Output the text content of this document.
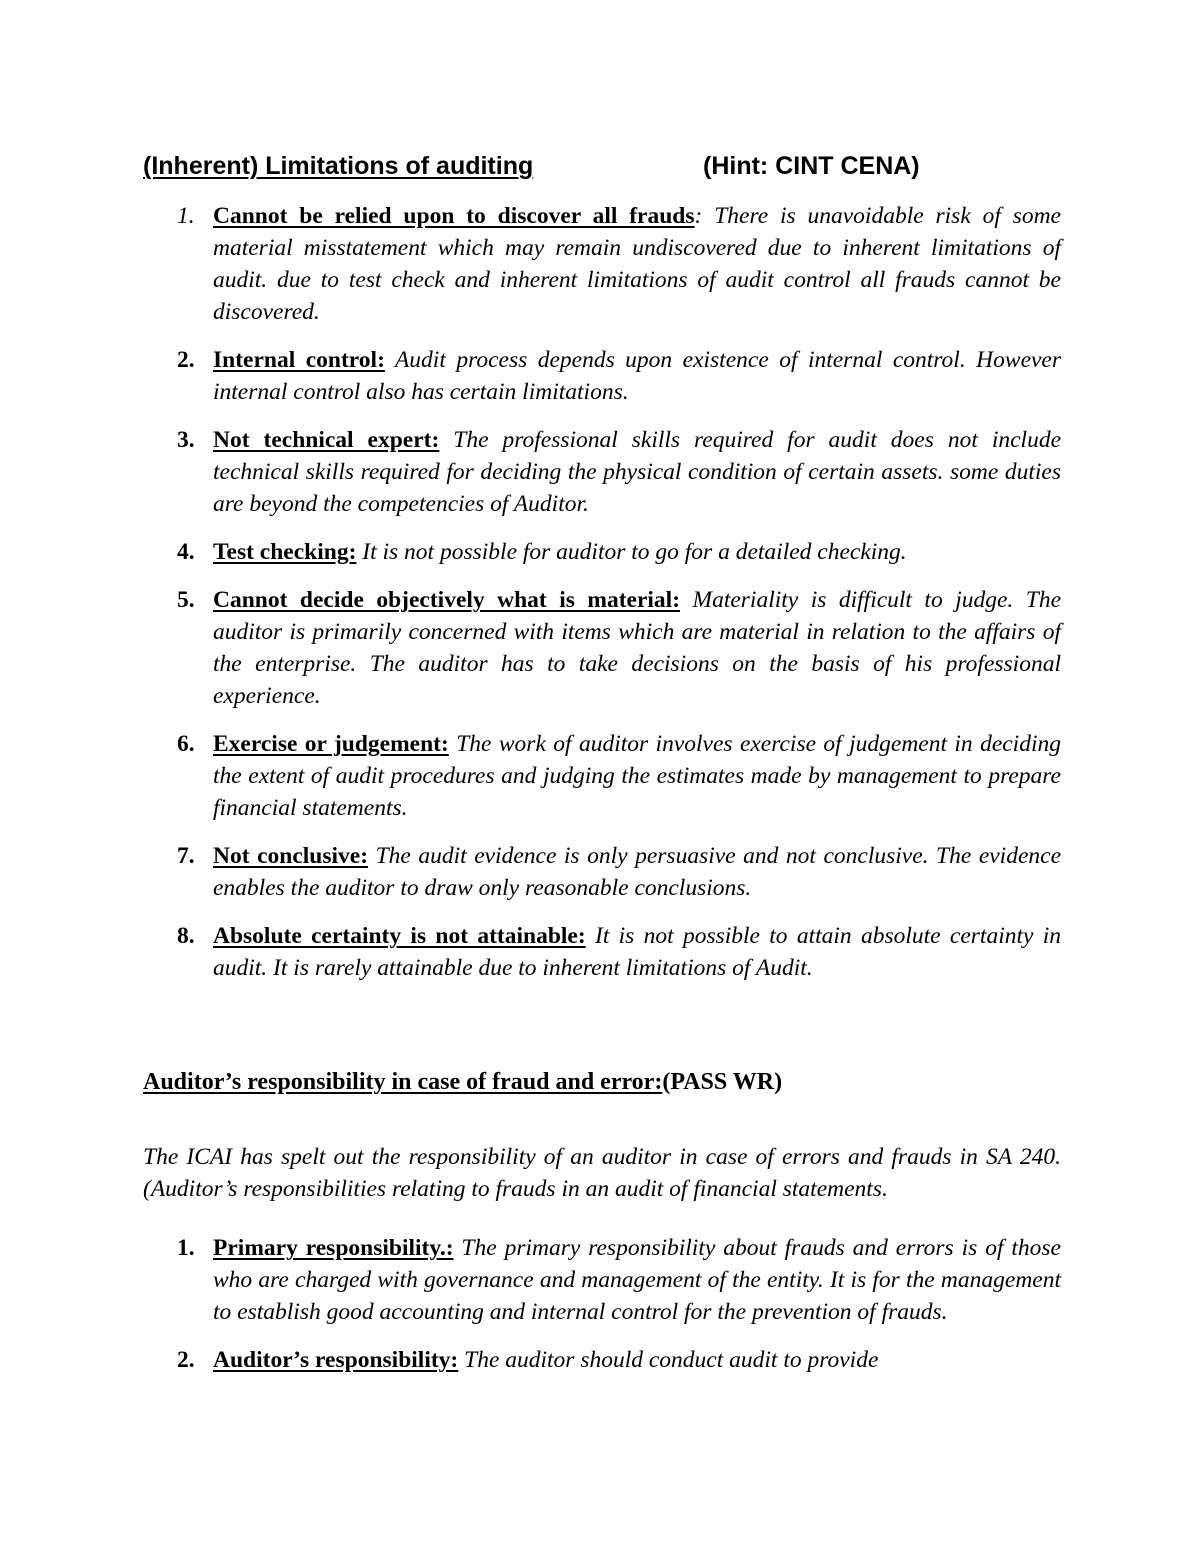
(Inherent) Limitations of auditing	(Hint: CINT CENA)
1. Cannot be relied upon to discover all frauds: There is unavoidable risk of some material misstatement which may remain undiscovered due to inherent limitations of audit. due to test check and inherent limitations of audit control all frauds cannot be discovered.
2. Internal control: Audit process depends upon existence of internal control. However internal control also has certain limitations.
3. Not technical expert: The professional skills required for audit does not include technical skills required for deciding the physical condition of certain assets. some duties are beyond the competencies of Auditor.
4. Test checking: It is not possible for auditor to go for a detailed checking.
5. Cannot decide objectively what is material: Materiality is difficult to judge. The auditor is primarily concerned with items which are material in relation to the affairs of the enterprise. The auditor has to take decisions on the basis of his professional experience.
6. Exercise or judgement: The work of auditor involves exercise of judgement in deciding the extent of audit procedures and judging the estimates made by management to prepare financial statements.
7. Not conclusive: The audit evidence is only persuasive and not conclusive. The evidence enables the auditor to draw only reasonable conclusions.
8. Absolute certainty is not attainable: It is not possible to attain absolute certainty in audit. It is rarely attainable due to inherent limitations of Audit.
Auditor’s responsibility in case of fraud and error:(PASS WR)

The ICAI has spelt out the responsibility of an auditor in case of errors and frauds in SA 240. (Auditor’s responsibilities relating to frauds in an audit of financial statements.

1. Primary responsibility.: The primary responsibility about frauds and errors is of those who are charged with governance and management of the entity. It is for the management to establish good accounting and internal control for the prevention of frauds.
2. Auditor’s responsibility: The auditor should conduct audit to provide
